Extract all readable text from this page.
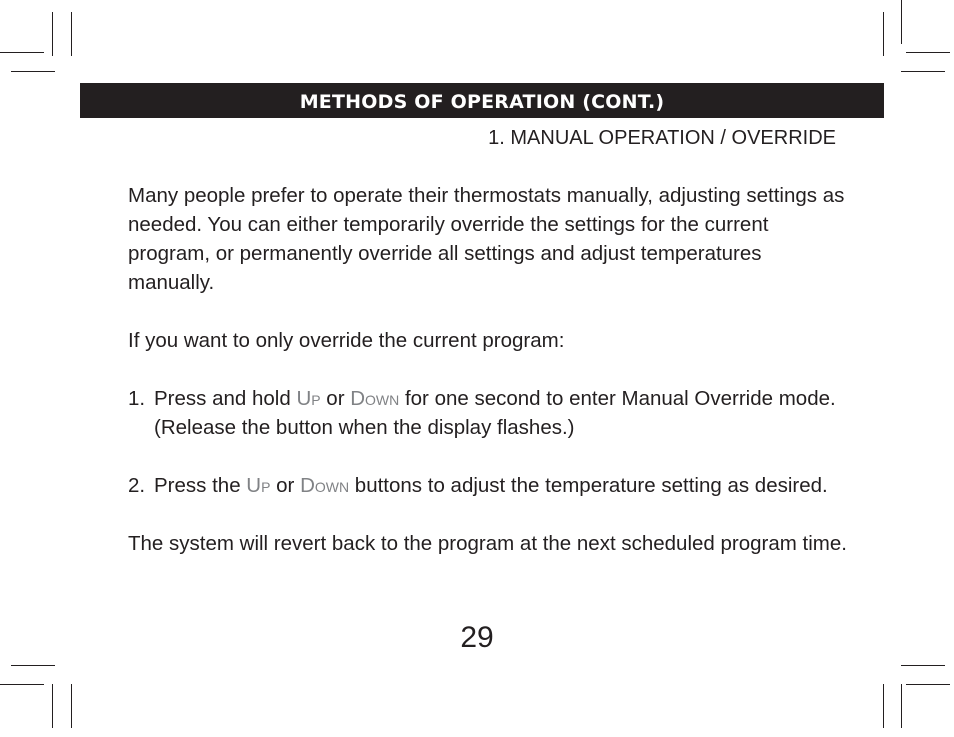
METHODS OF OPERATION (CONT.)
1. MANUAL OPERATION / OVERRIDE

Many people prefer to operate their thermostats manually, adjusting settings as needed. You can either temporarily override the settings for the current program, or permanently override all settings and adjust temperatures manually.

If you want to only override the current program:

1. Press and hold Up or Down for one second to enter Manual Override mode. (Release the button when the display flashes.)
2. Press the Up or Down buttons to adjust the temperature setting as desired.

The system will revert back to the program at the next scheduled program time.

29
